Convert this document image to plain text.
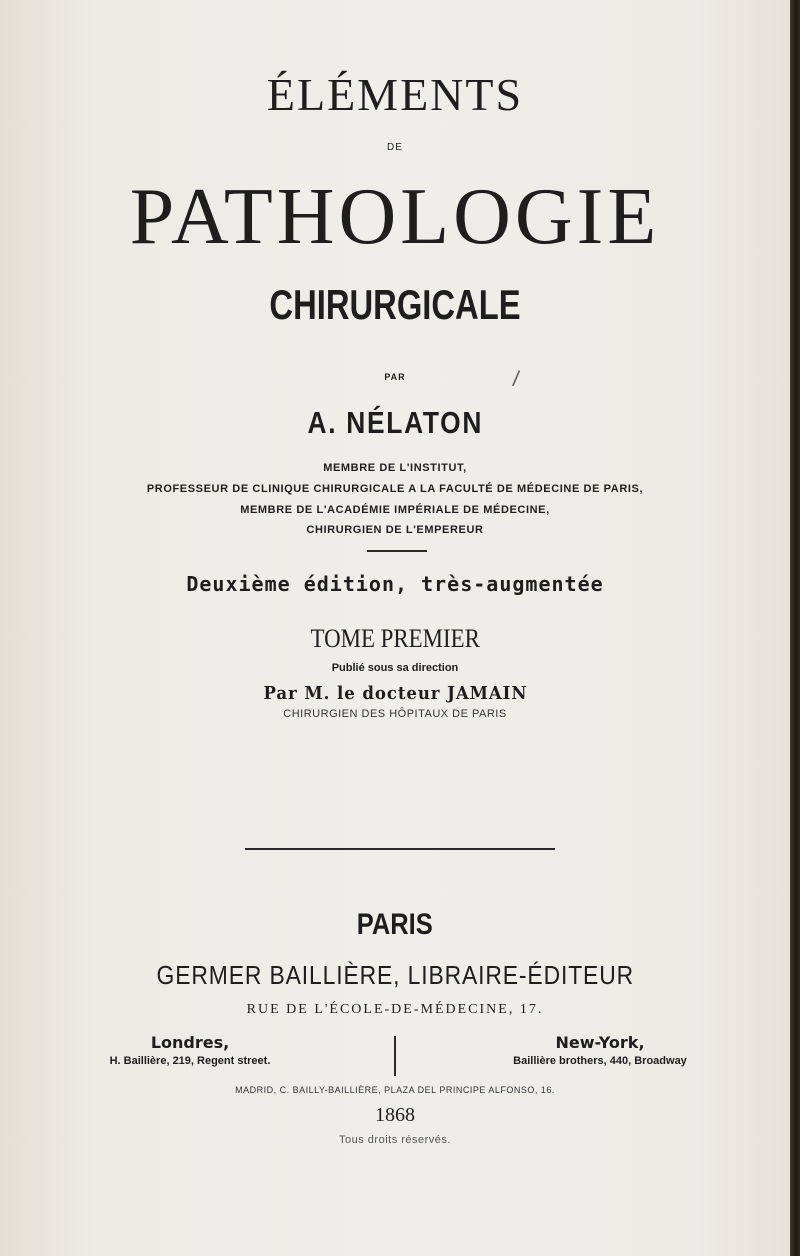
ÉLÉMENTS
DE
PATHOLOGIE
CHIRURGICALE
PAR	/
A. NÉLATON
MEMBRE DE L'INSTITUT,
PROFESSEUR DE CLINIQUE CHIRURGICALE A LA FACULTÉ DE MÉDECINE DE PARIS,
MEMBRE DE L'ACADÉMIE IMPÉRIALE DE MÉDECINE,
CHIRURGIEN DE L'EMPEREUR
Deuxième édition, très-augmentée
TOME PREMIER
Publié sous sa direction
Par M. le docteur JAMAIN
CHIRURGIEN DES HÔPITAUX DE PARIS
PARIS
GERMER BAILLIÈRE, LIBRAIRE-ÉDITEUR
RUE DE L'ÉCOLE-DE-MÉDECINE, 17.
Londres,
H. Baillière, 219, Regent street.
New-York,
Baillière brothers, 440, Broadway
MADRID, C. BAILLY-BAILLIÈRE, PLAZA DEL PRINCIPE ALFONSO, 16.
1868
Tous droits réservés.
